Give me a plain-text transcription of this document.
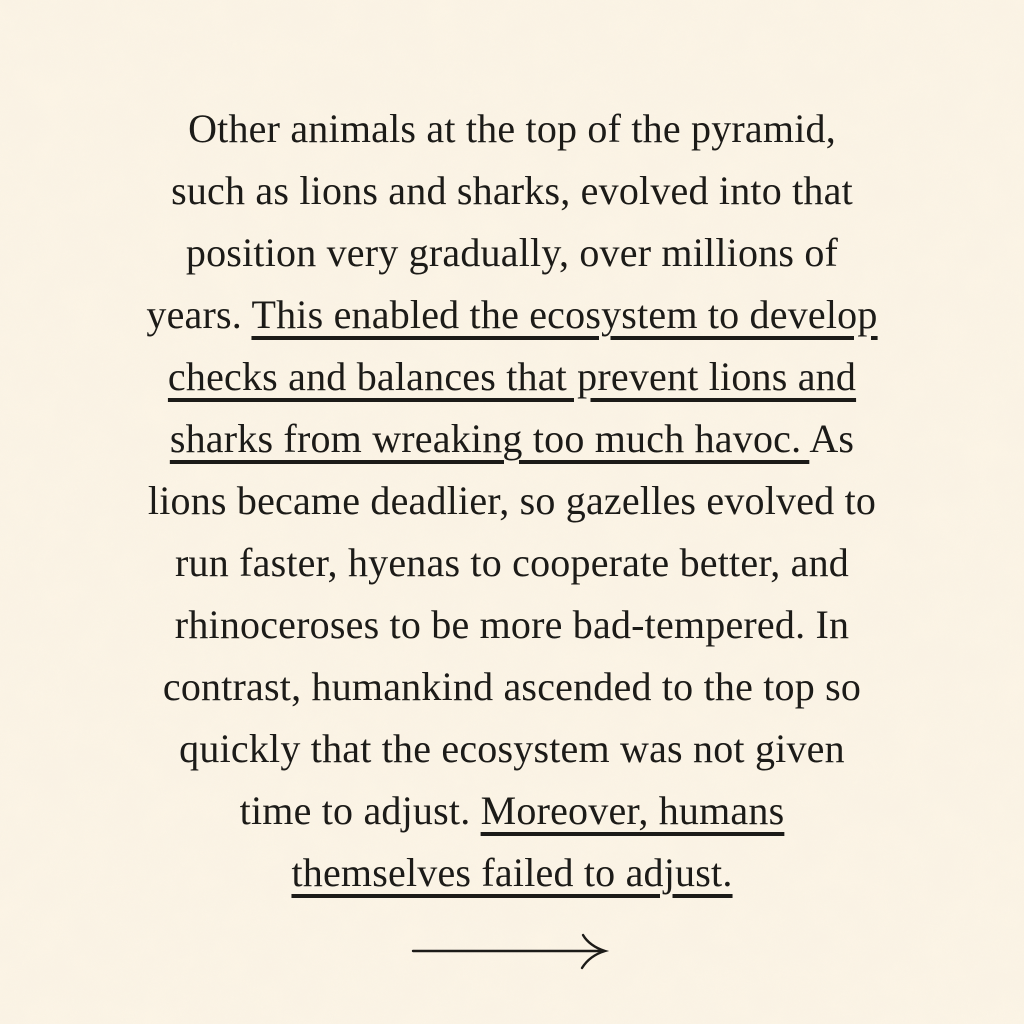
Other animals at the top of the pyramid,
such as lions and sharks, evolved into that
position very gradually, over millions of
years. This enabled the ecosystem to develop
checks and balances that prevent lions and
sharks from wreaking too much havoc. As
lions became deadlier, so gazelles evolved to
run faster, hyenas to cooperate better, and
rhinoceroses to be more bad-tempered. In
contrast, humankind ascended to the top so
quickly that the ecosystem was not given
time to adjust. Moreover, humans
themselves failed to adjust.
